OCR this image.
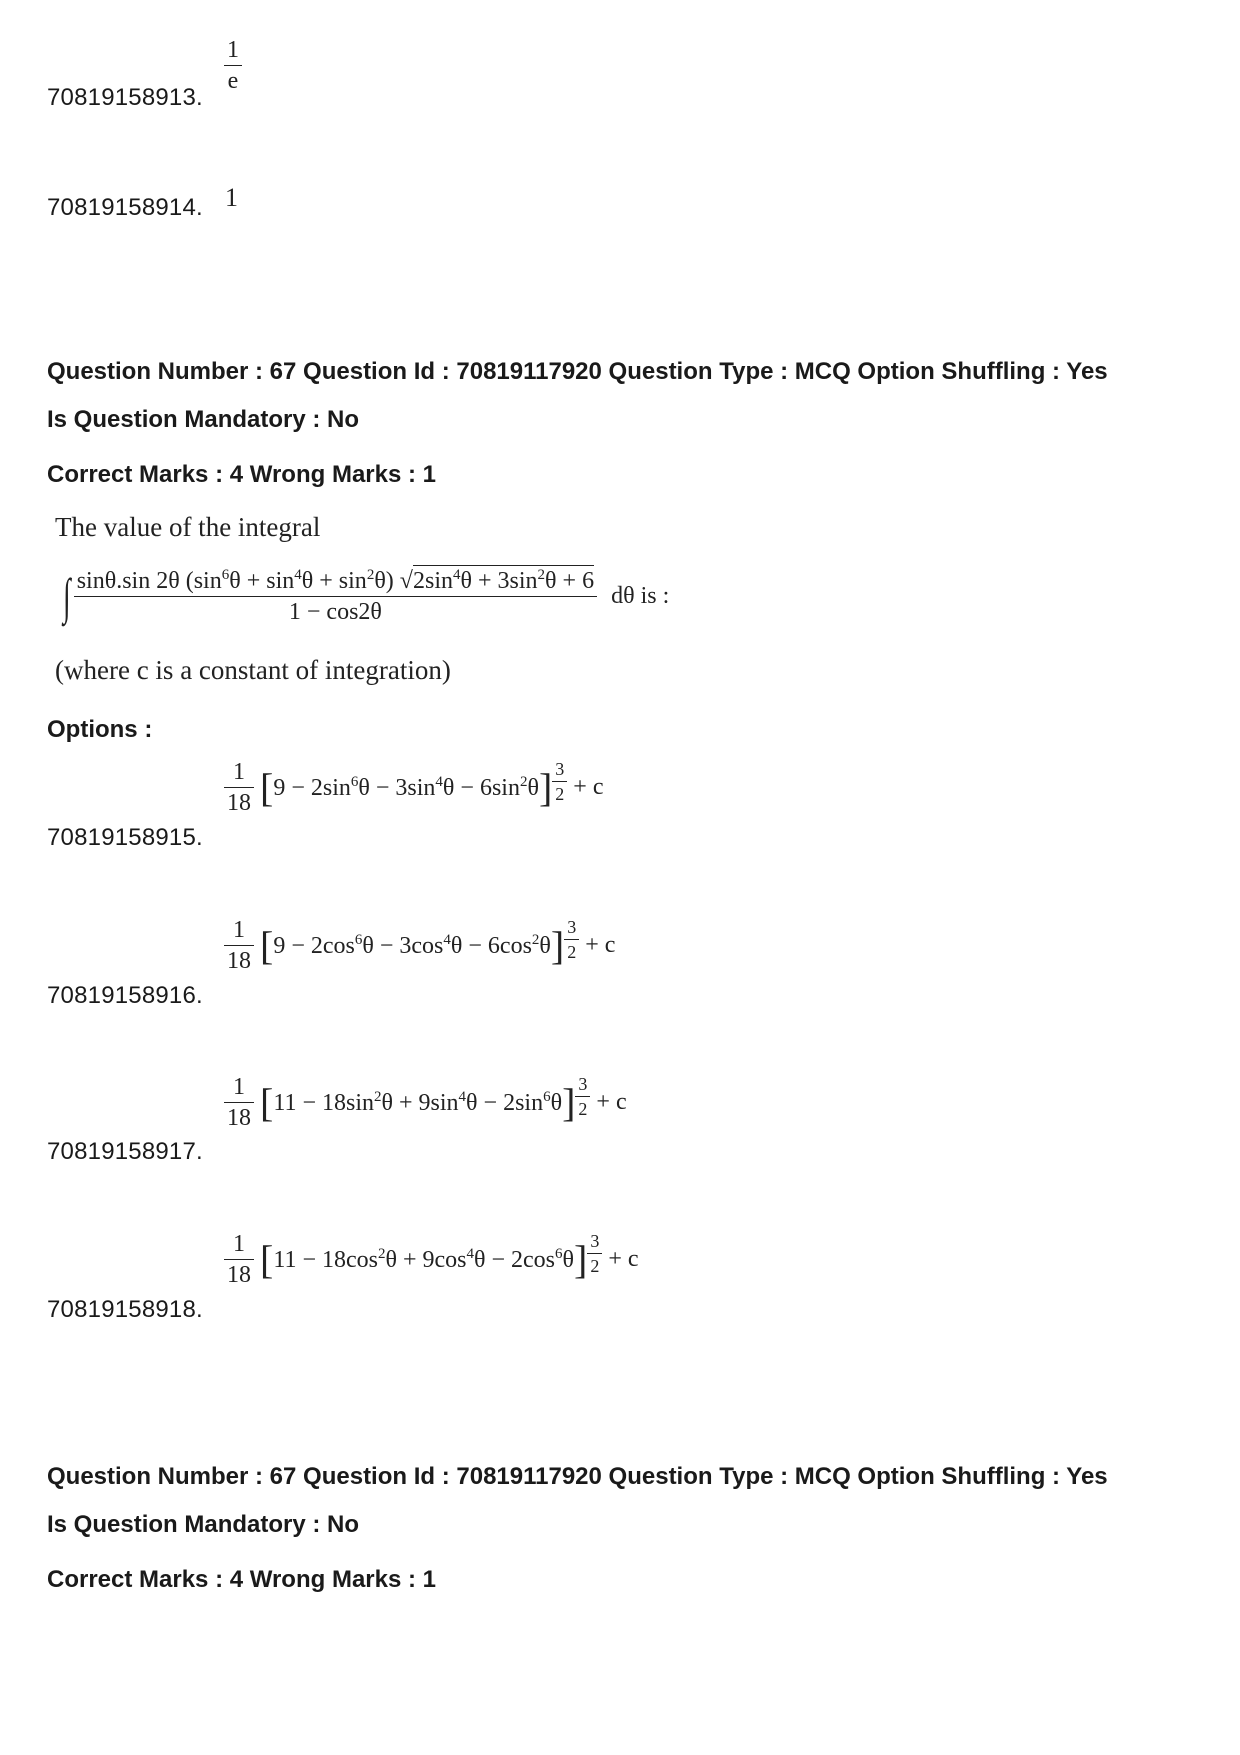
70819158913.
$\frac{1}{e}$
70819158914. 1
Question Number : 67 Question Id : 70819117920 Question Type : MCQ Option Shuffling : Yes
Is Question Mandatory : No
Correct Marks : 4 Wrong Marks : 1
The value of the integral
∫ $\frac{\sin\theta.\sin 2\theta (\sin^6\theta + \sin^4\theta + \sin^2\theta) √2\sin^4\theta + 3\sin^2\theta + 6}{1 - \cos 2\theta}$ dθ is :
(where c is a constant of integration)
Options :
70819158915.
$\frac{1}{18} [9 - 2\sin^6\theta - 3\sin^4\theta - 6\sin^2\theta] \frac{3}{2} + c$
70819158916.
$\frac{1}{18} [9 - 2\cos^6\theta - 3\cos^4\theta - 6\cos^2\theta] \frac{3}{2} + c$
70819158917.
$\frac{1}{18} [11 - 18\sin^2\theta + 9\sin^4\theta - 2\sin^6\theta] \frac{3}{2} + c$
70819158918.
$\frac{1}{18} [11 - 18\cos^2\theta + 9\cos^4\theta - 2\cos^6\theta] \frac{3}{2} + c$
Question Number : 67 Question Id : 70819117920 Question Type : MCQ Option Shuffling : Yes
Is Question Mandatory : No
Correct Marks : 4 Wrong Marks : 1
